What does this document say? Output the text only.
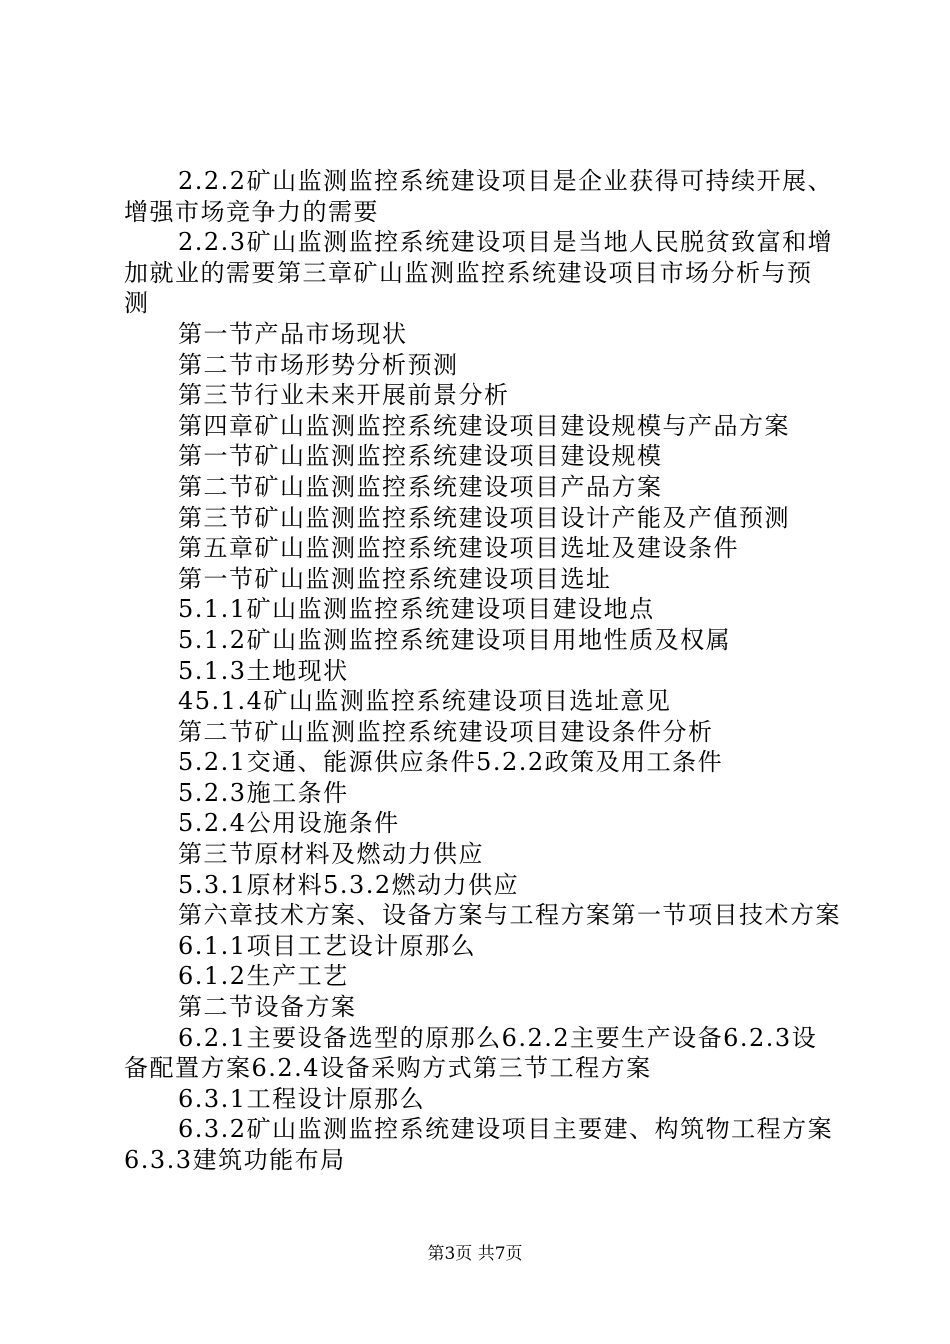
2.2.2矿山监测监控系统建设项目是企业获得可持续开展、

增强市场竞争力的需要

2.2.3矿山监测监控系统建设项目是当地人民脱贫致富和增

加就业的需要第三章矿山监测监控系统建设项目市场分析与预

测

第一节产品市场现状

第二节市场形势分析预测

第三节行业未来开展前景分析

第四章矿山监测监控系统建设项目建设规模与产品方案

第一节矿山监测监控系统建设项目建设规模

第二节矿山监测监控系统建设项目产品方案

第三节矿山监测监控系统建设项目设计产能及产值预测

第五章矿山监测监控系统建设项目选址及建设条件

第一节矿山监测监控系统建设项目选址

5.1.1矿山监测监控系统建设项目建设地点

5.1.2矿山监测监控系统建设项目用地性质及权属

5.1.3土地现状

45.1.4矿山监测监控系统建设项目选址意见

第二节矿山监测监控系统建设项目建设条件分析

5.2.1交通、能源供应条件5.2.2政策及用工条件

5.2.3施工条件

5.2.4公用设施条件

第三节原材料及燃动力供应

5.3.1原材料5.3.2燃动力供应

第六章技术方案、设备方案与工程方案第一节项目技术方案

6.1.1项目工艺设计原那么

6.1.2生产工艺

第二节设备方案

6.2.1主要设备选型的原那么6.2.2主要生产设备6.2.3设

备配置方案6.2.4设备采购方式第三节工程方案

6.3.1工程设计原那么

6.3.2矿山监测监控系统建设项目主要建、构筑物工程方案

6.3.3建筑功能布局

第3页 共7页
